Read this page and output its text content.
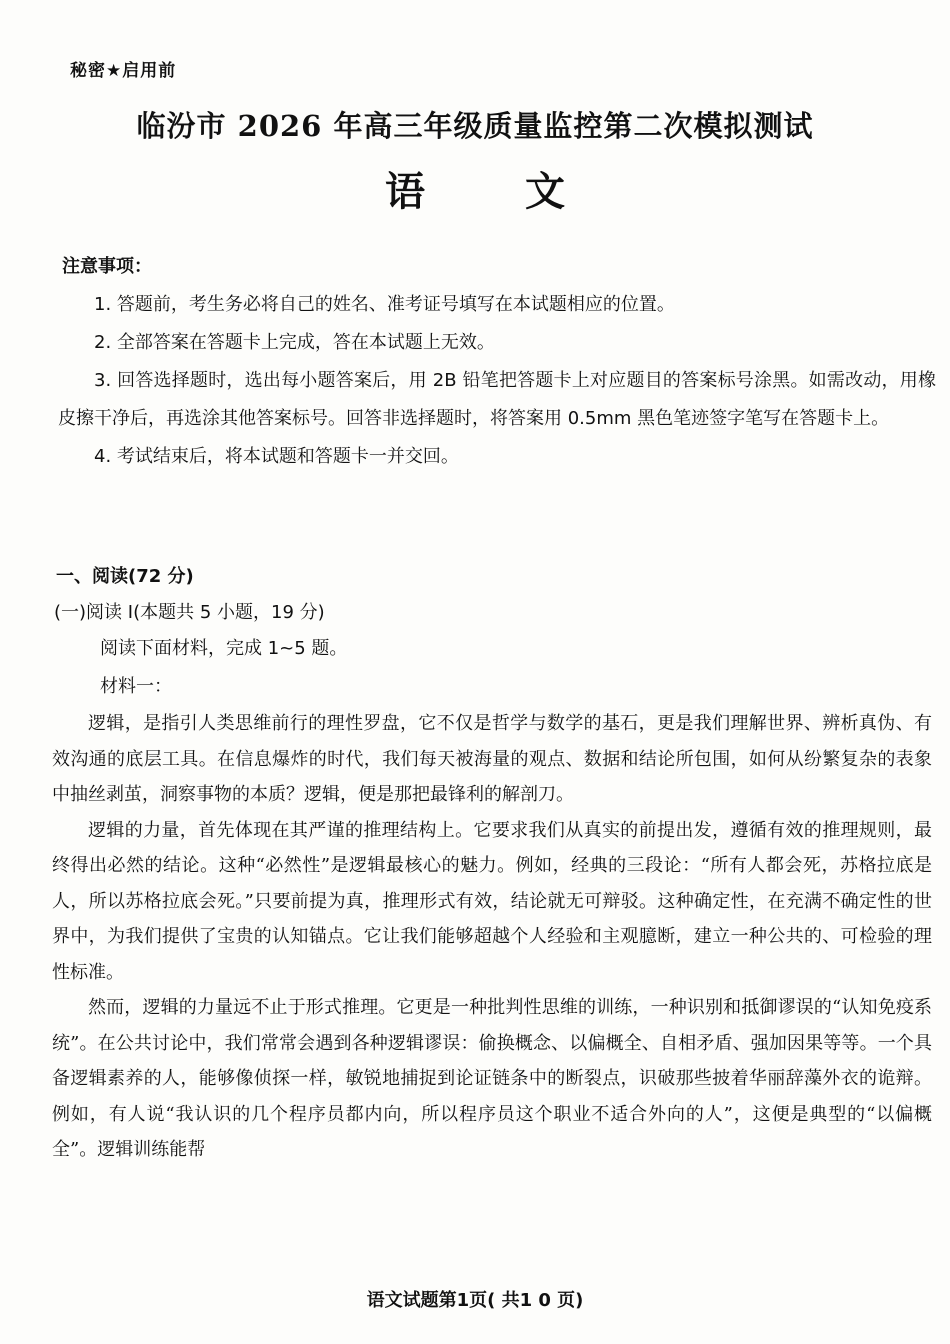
秘密★启用前
临汾市 2026 年高三年级质量监控第二次模拟测试
语文
注意事项：

1. 答题前，考生务必将自己的姓名、准考证号填写在本试题相应的位置。

2. 全部答案在答题卡上完成，答在本试题上无效。

3. 回答选择题时，选出每小题答案后，用 2B 铅笔把答题卡上对应题目的答案标号涂黑。如需改动，用橡皮擦干净后，再选涂其他答案标号。回答非选择题时，将答案用 0.5mm 黑色笔迹签字笔写在答题卡上。

4. 考试结束后，将本试题和答题卡一并交回。

一、阅读(72 分)
(一)阅读 I(本题共 5 小题，19 分)
阅读下面材料，完成 1~5 题。
材料一：

逻辑，是指引人类思维前行的理性罗盘，它不仅是哲学与数学的基石，更是我们理解世界、辨析真伪、有效沟通的底层工具。在信息爆炸的时代，我们每天被海量的观点、数据和结论所包围，如何从纷繁复杂的表象中抽丝剥茧，洞察事物的本质？逻辑，便是那把最锋利的解剖刀。

逻辑的力量，首先体现在其严谨的推理结构上。它要求我们从真实的前提出发，遵循有效的推理规则，最终得出必然的结论。这种“必然性”是逻辑最核心的魅力。例如，经典的三段论：“所有人都会死，苏格拉底是人，所以苏格拉底会死。”只要前提为真，推理形式有效，结论就无可辩驳。这种确定性，在充满不确定性的世界中，为我们提供了宝贵的认知锚点。它让我们能够超越个人经验和主观臆断，建立一种公共的、可检验的理性标准。

然而，逻辑的力量远不止于形式推理。它更是一种批判性思维的训练，一种识别和抵御谬误的“认知免疫系统”。在公共讨论中，我们常常会遇到各种逻辑谬误：偷换概念、以偏概全、自相矛盾、强加因果等等。一个具备逻辑素养的人，能够像侦探一样，敏锐地捕捉到论证链条中的断裂点，识破那些披着华丽辞藻外衣的诡辩。例如，有人说“我认识的几个程序员都内向，所以程序员这个职业不适合外向的人”，这便是典型的“以偏概全”。逻辑训练能帮

语文试题第1页( 共1 0 页)
